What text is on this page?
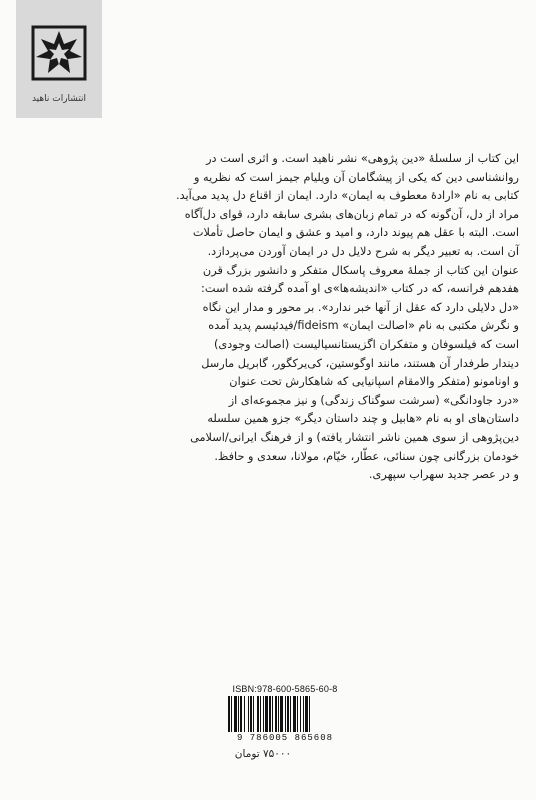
انتشارات ناهید

این کتاب از سلسلهٔ «دین پژوهی» نشر ناهید است. و اثری است در

روانشناسی دین که یکی از پیشگامان آن ویلیام جیمز است که نظریه و

کتابی به نام «ارادهٔ معطوف به ایمان» دارد. ایمان از اقناع دل پدید می‌آید.

مراد از دل، آن‌گونه که در تمام زبان‌های بشری سابقه دارد، قوای دل‌آگاه

است. البته با عقل هم پیوند دارد، و امید و عشق و ایمان حاصل تأملات

آن است. به تعبیر دیگر به شرح دلایل دل در ایمان آوردن می‌پردازد.

عنوان این کتاب از جملهٔ معروف پاسکال متفکر و دانشور بزرگ قرن

هفدهم فرانسه، که در کتاب «اندیشه‌ها»ی او آمده گرفته شده است:

«دل دلایلی دارد که عقل از آنها خبر ندارد». بر محور و مدار این نگاه

و نگرش مکتبی به نام «اصالت ایمان» fideism/فیدئیسم پدید آمده

است که فیلسوفان و متفکران اگزیستانسیالیست (اصالت وجودی)

دیندار طرفدار آن هستند، مانند اوگوستین، کی‌یرکگور، گابریل مارسل

و اونامونو (متفکر والامقام اسپانیایی که شاهکارش تحت عنوان

«درد جاودانگی» (سرشت سوگناک زندگی) و نیز مجموعه‌ای از

داستان‌های او به نام «هابیل و چند داستان دیگر» جزو همین سلسله

دین‌پژوهی از سوی همین ناشر انتشار یافته) و از فرهنگ ایرانی/اسلامی

خودمان بزرگانی چون سنائی، عطّار، خیّام، مولانا، سعدی و حافظ.

و در عصر جدید سهراب سپهری.

ISBN:978-600-5865-60-8
9 786005 865608
۷۵۰۰۰ تومان
